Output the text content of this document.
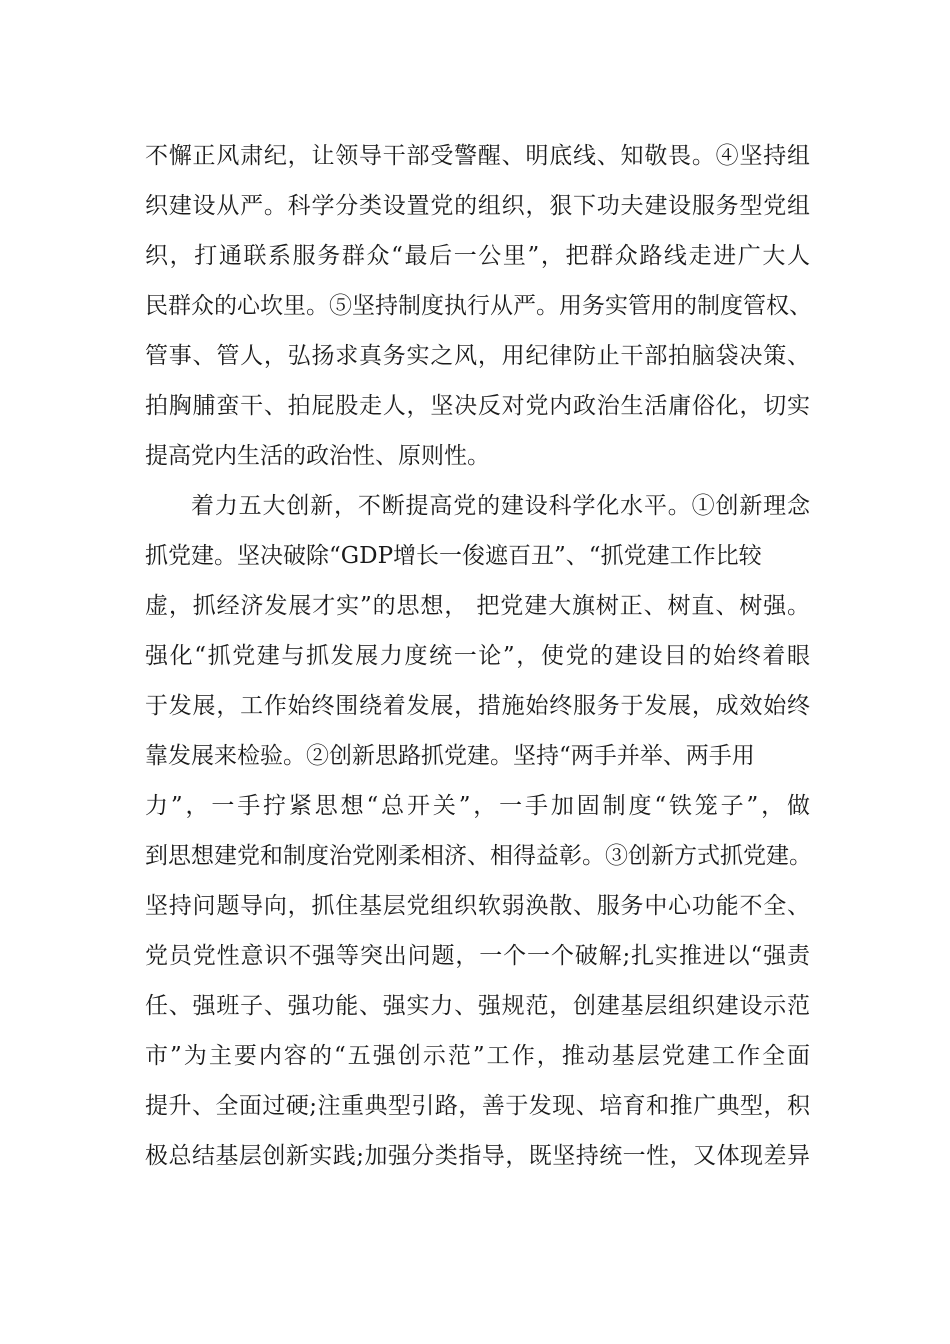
不懈正风肃纪，让领导干部受警醒、明底线、知敬畏。④坚持组
织建设从严。科学分类设置党的组织，狠下功夫建设服务型党组
织，打通联系服务群众“最后一公里”，把群众路线走进广大人
民群众的心坎里。⑤坚持制度执行从严。用务实管用的制度管权、
管事、管人，弘扬求真务实之风，用纪律防止干部拍脑袋决策、
拍胸脯蛮干、拍屁股走人，坚决反对党内政治生活庸俗化，切实
提高党内生活的政治性、原则性。
着力五大创新，不断提高党的建设科学化水平。①创新理念
抓党建。坚决破除“GDP增长一俊遮百丑”、“抓党建工作比较
虚，抓经济发展才实”的思想， 把党建大旗树正、树直、树强。
强化“抓党建与抓发展力度统一论”，使党的建设目的始终着眼
于发展，工作始终围绕着发展，措施始终服务于发展，成效始终
靠发展来检验。②创新思路抓党建。坚持“两手并举、两手用
力”，一手拧紧思想“总开关”，一手加固制度“铁笼子”，做
到思想建党和制度治党刚柔相济、相得益彰。③创新方式抓党建。
坚持问题导向，抓住基层党组织软弱涣散、服务中心功能不全、
党员党性意识不强等突出问题，一个一个破解;扎实推进以“强责
任、强班子、强功能、强实力、强规范，创建基层组织建设示范
市”为主要内容的“五强创示范”工作，推动基层党建工作全面
提升、全面过硬;注重典型引路，善于发现、培育和推广典型，积
极总结基层创新实践;加强分类指导，既坚持统一性，又体现差异
